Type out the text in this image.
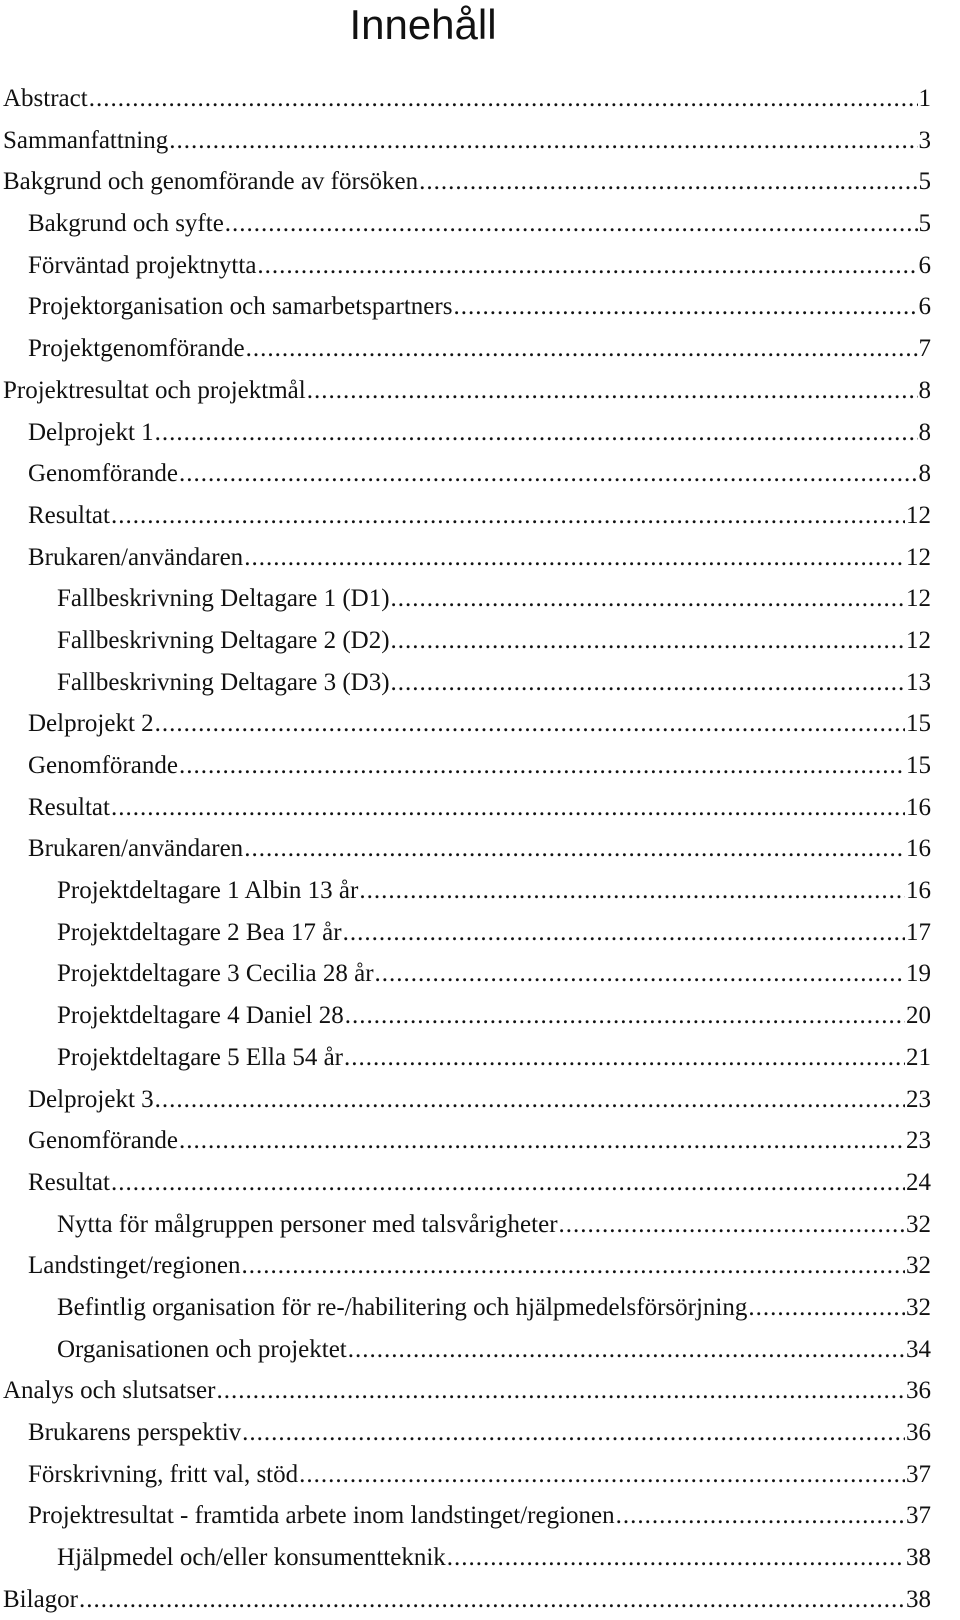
Innehåll
Abstract .....	1
Sammanfattning .....	3
Bakgrund och genomförande av försöken .....	5
Bakgrund och syfte .....	5
Förväntad projektnytta .....	6
Projektorganisation och samarbetspartners .....	6
Projektgenomförande .....	7
Projektresultat och projektmål .....	8
Delprojekt 1 .....	8
Genomförande .....	8
Resultat .....	12
Brukaren/användaren .....	12
Fallbeskrivning Deltagare 1 (D1) .....	12
Fallbeskrivning Deltagare 2 (D2) .....	12
Fallbeskrivning Deltagare 3 (D3) .....	13
Delprojekt 2 .....	15
Genomförande .....	15
Resultat .....	16
Brukaren/användaren .....	16
Projektdeltagare 1 Albin 13 år .....	16
Projektdeltagare 2 Bea 17 år .....	17
Projektdeltagare 3 Cecilia 28 år .....	19
Projektdeltagare 4 Daniel 28 .....	20
Projektdeltagare 5 Ella 54 år .....	21
Delprojekt 3 .....	23
Genomförande .....	23
Resultat .....	24
Nytta för målgruppen personer med talsvårigheter .....	32
Landstinget/regionen .....	32
Befintlig organisation för re-/habilitering och hjälpmedelsförsörjning .....	32
Organisationen och projektet .....	34
Analys och slutsatser .....	36
Brukarens perspektiv .....	36
Förskrivning, fritt val, stöd .....	37
Projektresultat - framtida arbete inom landstinget/regionen .....	37
Hjälpmedel och/eller konsumentteknik .....	38
Bilagor .....	38
